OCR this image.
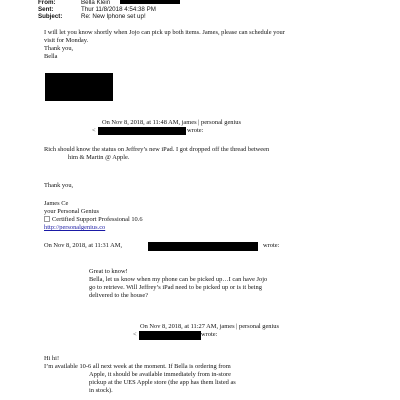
From:	Bella Klein
Sent:	Thur 11/8/2018 4:54:38 PM
Subject:	Re: New Iphone set up!
I will let you know shortly when Jojo can pick up both items. James, please can schedule your
visit for Monday.
Thank you,
Bella
On Nov 8, 2018, at 11:48 AM, james | personal genius
<	wrote:
Rich should know the status on Jeffrey’s new iPad. I got dropped off the thread between
him & Martin @ Apple.
Thank you,
James Ce
your Personal Genius
Certified Support Professional 10.6
http://personalgenius.co
On Nov 8, 2018, at 11:31 AM,	wrote:
Great to know!
Bella, let us know when my phone can be picked up…I can have Jojo
go to retrieve. Will Jeffrey’s iPad need to be picked up or is it being
delivered to the house?
On Nov 8, 2018, at 11:27 AM, james | personal genius
<	wrote:
Hi hi!
I’m available 10-6 all next week at the moment. If Bella is ordering from
Apple, it should be available immediately from in-store
pickup at the UES Apple store (the app has them listed as
in stock).
